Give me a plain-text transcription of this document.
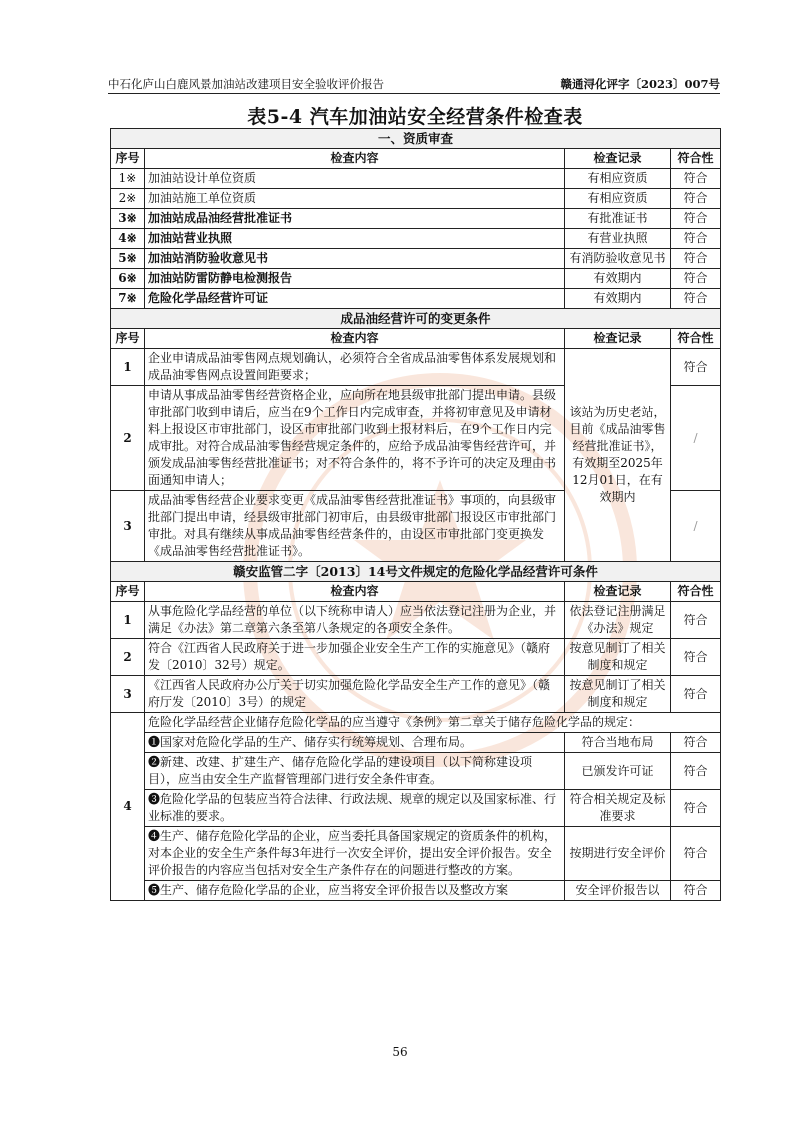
中石化庐山白鹿风景加油站改建项目安全验收评价报告	赣通浔化评字〔2023〕007号
表5-4 汽车加油站安全经营条件检查表
一、资质审查			
序号	检查内容	检查记录	符合性
1※	加油站设计单位资质	有相应资质	符合
2※	加油站施工单位资质	有相应资质	符合
3※	加油站成品油经营批准证书	有批准证书	符合
4※	加油站营业执照	有营业执照	符合
5※	加油站消防验收意见书	有消防验收意见书	符合
6※	加油站防雷防静电检测报告	有效期内	符合
7※	危险化学品经营许可证	有效期内	符合
成品油经营许可的变更条件			
序号	检查内容	检查记录	符合性
1	企业申请成品油零售网点规划确认，必须符合全省成品油零售体系发展规划和成品油零售网点设置间距要求；	该站为历史老站，目前《成品油零售经营批准证书》，有效期至2025年12月01日，在有效期内	符合
2	申请从事成品油零售经营资格企业，应向所在地县级审批部门提出申请。县级审批部门收到申请后，应当在9个工作日内完成审查，并将初审意见及申请材料上报设区市审批部门，设区市审批部门收到上报材料后，在9个工作日内完成审批。对符合成品油零售经营规定条件的，应给予成品油零售经营许可，并颁发成品油零售经营批准证书；对不符合条件的，将不予许可的决定及理由书面通知申请人；		/
3	成品油零售经营企业要求变更《成品油零售经营批准证书》事项的，向县级审批部门提出申请，经县级审批部门初审后，由县级审批部门报设区市审批部门审批。对具有继续从事成品油零售经营条件的，由设区市审批部门变更换发《成品油零售经营批准证书》。		/
赣安监管二字〔2013〕14号文件规定的危险化学品经营许可条件			
序号	检查内容	检查记录	符合性
1	从事危险化学品经营的单位（以下统称申请人）应当依法登记注册为企业，并满足《办法》第二章第六条至第八条规定的各项安全条件。	依法登记注册满足《办法》规定	符合
2	符合《江西省人民政府关于进一步加强企业安全生产工作的实施意见》（赣府发〔2010〕32号）规定。	按意见制订了相关制度和规定	符合
3	《江西省人民政府办公厅关于切实加强危险化学品安全生产工作的意见》（赣府厅发〔2010〕3号）的规定	按意见制订了相关制度和规定	符合
4	危险化学品经营企业储存危险化学品的应当遵守《条例》第二章关于储存危险化学品的规定：		
	❶国家对危险化学品的生产、储存实行统筹规划、合理布局。	符合当地布局	符合
	❷新建、改建、扩建生产、储存危险化学品的建设项目（以下简称建设项目），应当由安全生产监督管理部门进行安全条件审查。	已颁发许可证	符合
	❸危险化学品的包装应当符合法律、行政法规、规章的规定以及国家标准、行业标准的要求。	符合相关规定及标准要求	符合
	❹生产、储存危险化学品的企业，应当委托具备国家规定的资质条件的机构，对本企业的安全生产条件每3年进行一次安全评价，提出安全评价报告。安全评价报告的内容应当包括对安全生产条件存在的问题进行整改的方案。	按期进行安全评价	符合
	❺生产、储存危险化学品的企业，应当将安全评价报告以及整改方案	安全评价报告以	符合
56
